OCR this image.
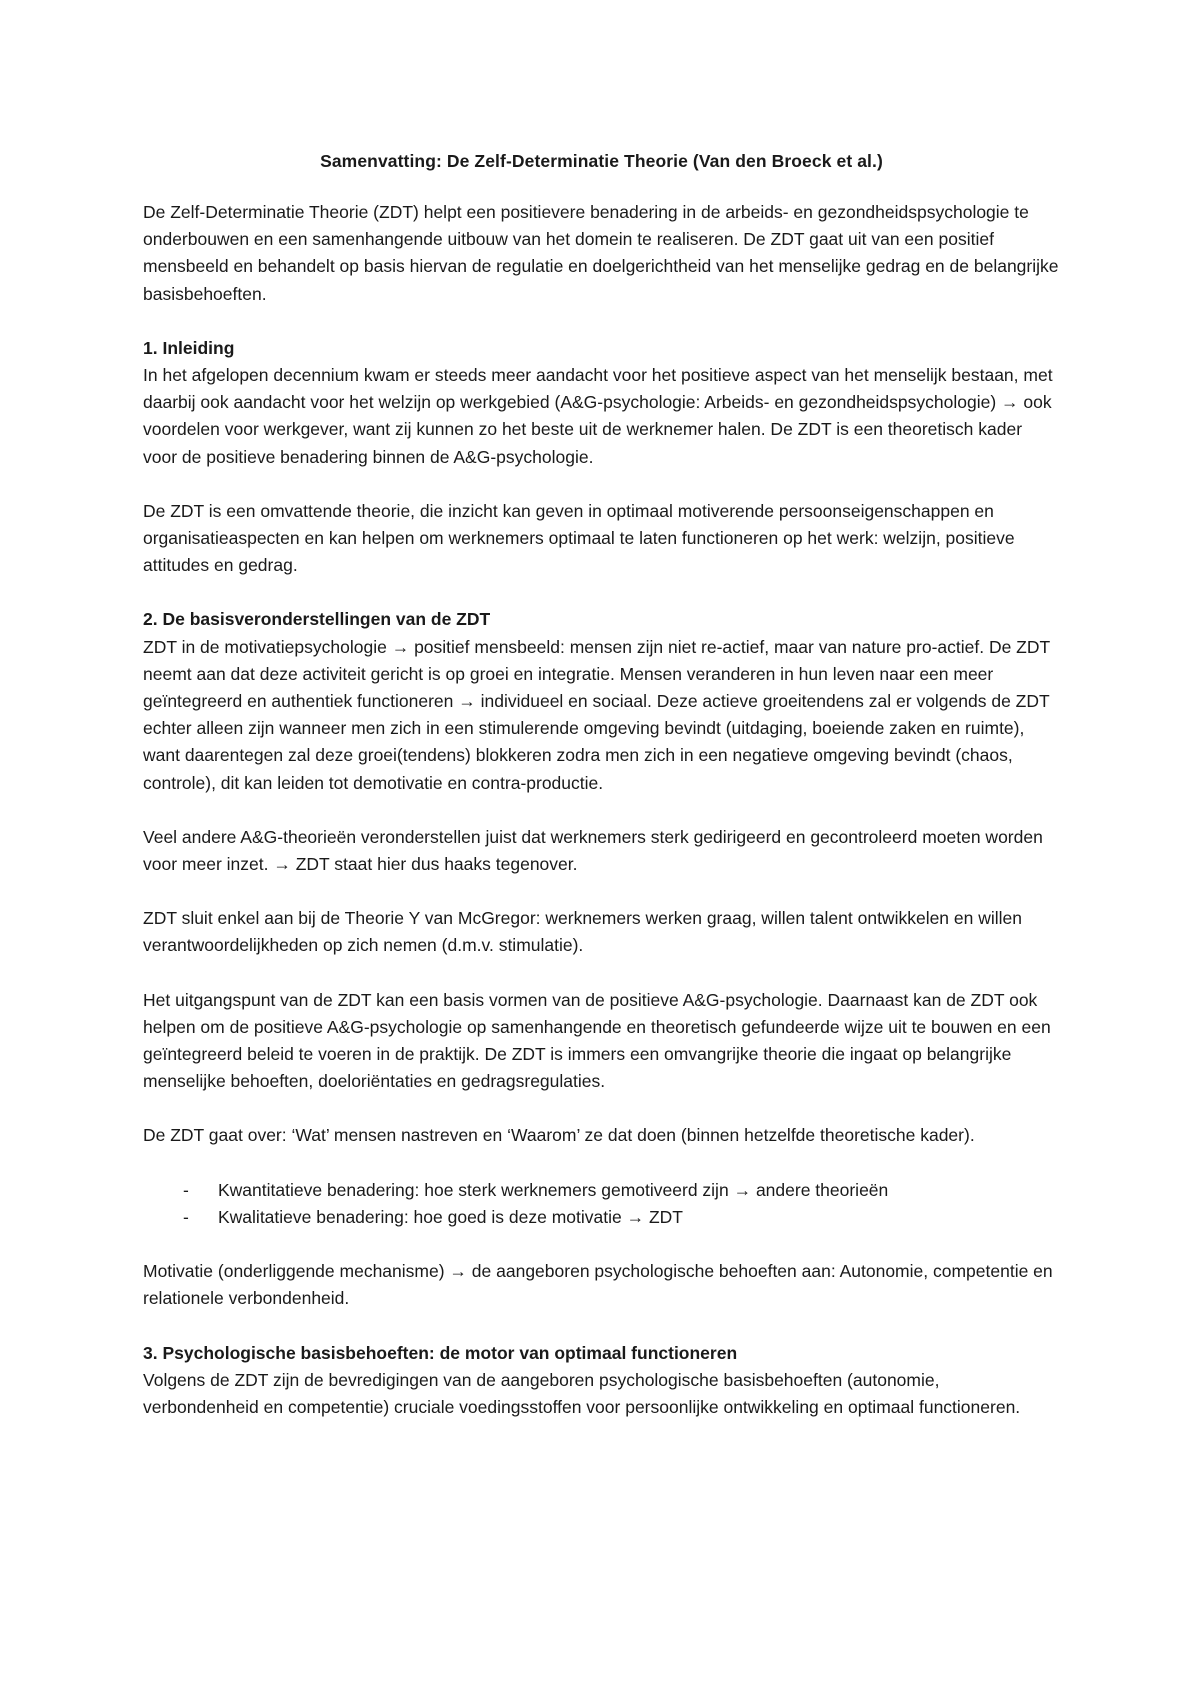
Samenvatting: De Zelf-Determinatie Theorie (Van den Broeck et al.)

De Zelf-Determinatie Theorie (ZDT) helpt een positievere benadering in de arbeids- en gezondheidspsychologie te onderbouwen en een samenhangende uitbouw van het domein te realiseren. De ZDT gaat uit van een positief mensbeeld en behandelt op basis hiervan de regulatie en doelgerichtheid van het menselijke gedrag en de belangrijke basisbehoeften.

1. Inleiding

In het afgelopen decennium kwam er steeds meer aandacht voor het positieve aspect van het menselijk bestaan, met daarbij ook aandacht voor het welzijn op werkgebied (A&G-psychologie: Arbeids- en gezondheidspsychologie) → ook voordelen voor werkgever, want zij kunnen zo het beste uit de werknemer halen. De ZDT is een theoretisch kader voor de positieve benadering binnen de A&G-psychologie.

De ZDT is een omvattende theorie, die inzicht kan geven in optimaal motiverende persoonseigenschappen en organisatieaspecten en kan helpen om werknemers optimaal te laten functioneren op het werk: welzijn, positieve attitudes en gedrag.

2. De basisveronderstellingen van de ZDT

ZDT in de motivatiepsychologie → positief mensbeeld: mensen zijn niet re-actief, maar van nature pro-actief. De ZDT neemt aan dat deze activiteit gericht is op groei en integratie. Mensen veranderen in hun leven naar een meer geïntegreerd en authentiek functioneren → individueel en sociaal. Deze actieve groeitendens zal er volgends de ZDT echter alleen zijn wanneer men zich in een stimulerende omgeving bevindt (uitdaging, boeiende zaken en ruimte), want daarentegen zal deze groei(tendens) blokkeren zodra men zich in een negatieve omgeving bevindt (chaos, controle), dit kan leiden tot demotivatie en contra-productie.

Veel andere A&G-theorieën veronderstellen juist dat werknemers sterk gedirigeerd en gecontroleerd moeten worden voor meer inzet. → ZDT staat hier dus haaks tegenover.

ZDT sluit enkel aan bij de Theorie Y van McGregor: werknemers werken graag, willen talent ontwikkelen en willen verantwoordelijkheden op zich nemen (d.m.v. stimulatie).

Het uitgangspunt van de ZDT kan een basis vormen van de positieve A&G-psychologie. Daarnaast kan de ZDT ook helpen om de positieve A&G-psychologie op samenhangende en theoretisch gefundeerde wijze uit te bouwen en een geïntegreerd beleid te voeren in de praktijk. De ZDT is immers een omvangrijke theorie die ingaat op belangrijke menselijke behoeften, doeloriëntaties en gedragsregulaties.

De ZDT gaat over: ‘Wat’ mensen nastreven en ‘Waarom’ ze dat doen (binnen hetzelfde theoretische kader).

- Kwantitatieve benadering: hoe sterk werknemers gemotiveerd zijn → andere theorieën
- Kwalitatieve benadering: hoe goed is deze motivatie → ZDT

Motivatie (onderliggende mechanisme) → de aangeboren psychologische behoeften aan: Autonomie, competentie en relationele verbondenheid.

3. Psychologische basisbehoeften: de motor van optimaal functioneren

Volgens de ZDT zijn de bevredigingen van de aangeboren psychologische basisbehoeften (autonomie, verbondenheid en competentie) cruciale voedingsstoffen voor persoonlijke ontwikkeling en optimaal functioneren.
